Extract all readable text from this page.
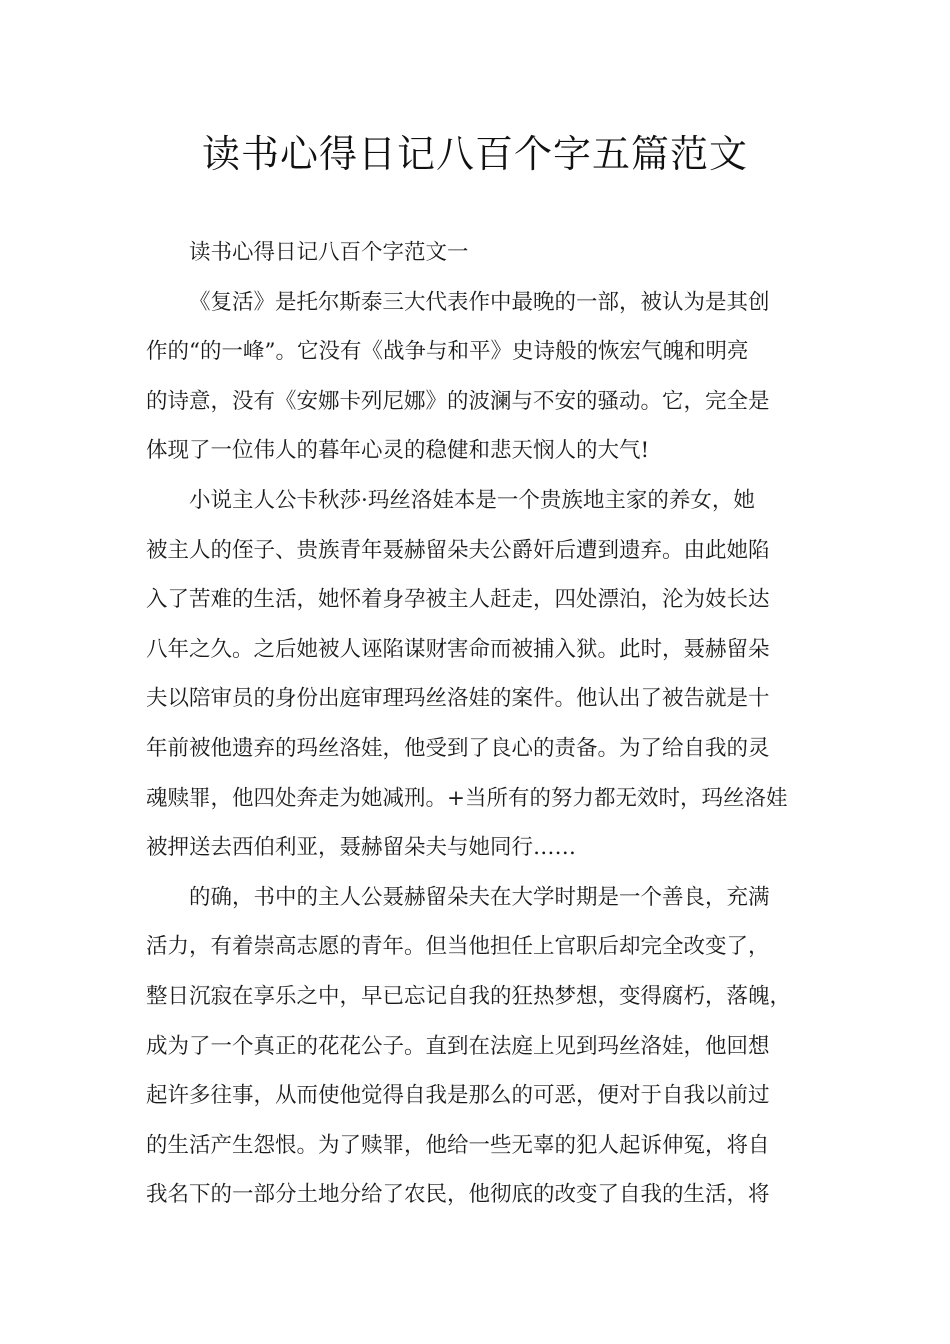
读书心得日记八百个字五篇范文

读书心得日记八百个字范文一

《复活》是托尔斯泰三大代表作中最晚的一部，被认为是其创
作的“的一峰”。它没有《战争与和平》史诗般的恢宏气魄和明亮
的诗意，没有《安娜卡列尼娜》的波澜与不安的骚动。它，完全是
体现了一位伟人的暮年心灵的稳健和悲天悯人的大气!

小说主人公卡秋莎·玛丝洛娃本是一个贵族地主家的养女，她
被主人的侄子、贵族青年聂赫留朵夫公爵奸后遭到遗弃。由此她陷
入了苦难的生活，她怀着身孕被主人赶走，四处漂泊，沦为妓长达
八年之久。之后她被人诬陷谋财害命而被捕入狱。此时，聂赫留朵
夫以陪审员的身份出庭审理玛丝洛娃的案件。他认出了被告就是十
年前被他遗弃的玛丝洛娃，他受到了良心的责备。为了给自我的灵
魂赎罪，他四处奔走为她减刑。+当所有的努力都无效时，玛丝洛娃
被押送去西伯利亚，聂赫留朵夫与她同行……

的确，书中的主人公聂赫留朵夫在大学时期是一个善良，充满
活力，有着崇高志愿的青年。但当他担任上官职后却完全改变了，
整日沉寂在享乐之中，早已忘记自我的狂热梦想，变得腐朽，落魄，
成为了一个真正的花花公子。直到在法庭上见到玛丝洛娃，他回想
起许多往事，从而使他觉得自我是那么的可恶，便对于自我以前过
的生活产生怨恨。为了赎罪，他给一些无辜的犯人起诉伸冤，将自
我名下的一部分土地分给了农民，他彻底的改变了自我的生活，将
